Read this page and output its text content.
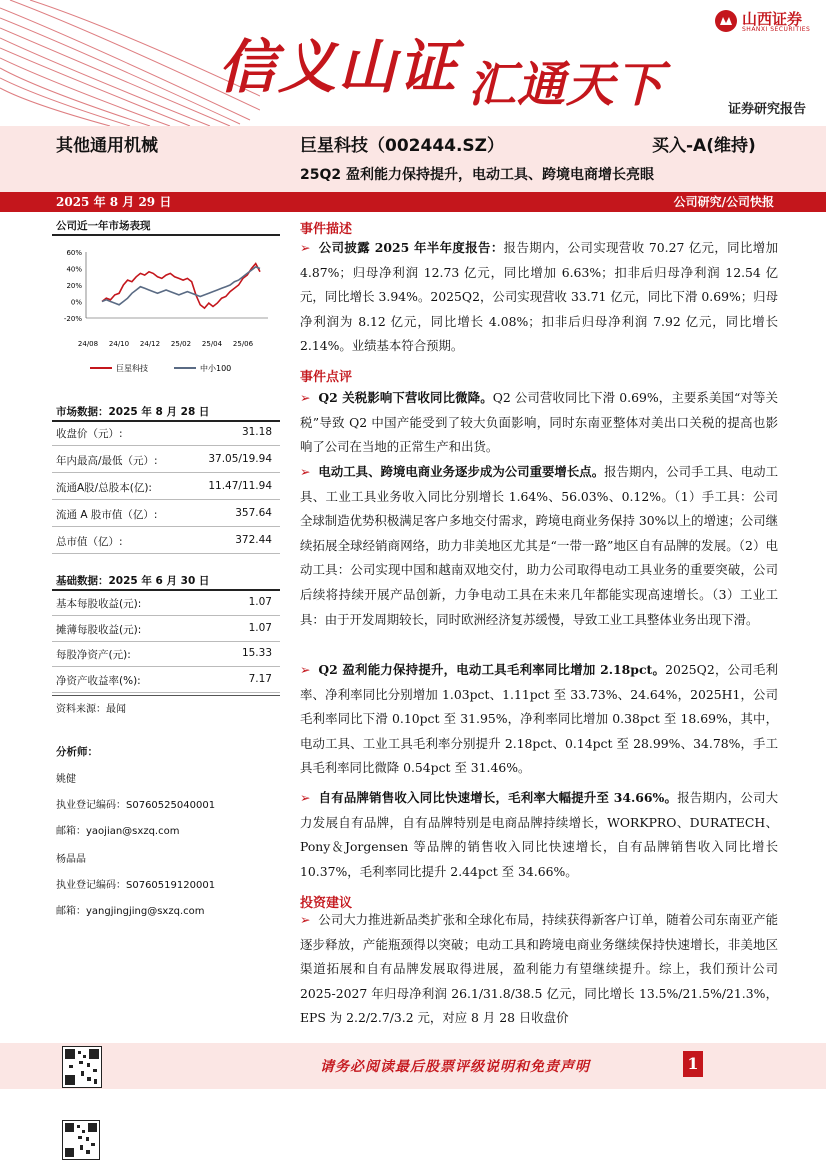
信义山证 汇通天下
山西证券
SHANXI SECURITIES
证券研究报告
其他通用机械	巨星科技（002444.SZ）	买入-A(维持)
25Q2 盈利能力保持提升，电动工具、跨境电商增长亮眼
2025 年 8 月 29 日	公司研究/公司快报
公司近一年市场表现
60%
40%
20%
0%
-20%
24/08 24/10 24/12 25/02 25/04 25/06
巨星科技	中小100
市场数据：2025 年 8 月 28 日
收盘价（元）:	31.18
年内最高/最低（元）:	37.05/19.94
流通A股/总股本(亿):	11.47/11.94
流通 A 股市值（亿）:	357.64
总市值（亿）:	372.44
基础数据：2025 年 6 月 30 日
基本每股收益(元):	1.07
摊薄每股收益(元):	1.07
每股净资产(元):	15.33
净资产收益率(%):	7.17
资料来源：最闻
分析师：
姚健
执业登记编码：S0760525040001
邮箱：yaojian@sxzq.com
杨晶晶
执业登记编码：S0760519120001
邮箱：yangjingjing@sxzq.com
事件描述
➢ 公司披露 2025 年半年度报告：报告期内，公司实现营收 70.27 亿元，同比增加 4.87%；归母净利润 12.73 亿元，同比增加 6.63%；扣非后归母净利润 12.54 亿元，同比增长 3.94%。2025Q2，公司实现营收 33.71 亿元，同比下滑 0.69%；归母净利润为 8.12 亿元，同比增长 4.08%；扣非后归母净利润 7.92 亿元，同比增长 2.14%。业绩基本符合预期。
事件点评
➢ Q2 关税影响下营收同比微降。Q2 公司营收同比下滑 0.69%，主要系美国“对等关税”导致 Q2 中国产能受到了较大负面影响，同时东南亚整体对美出口关税的提高也影响了公司在当地的正常生产和出货。
➢ 电动工具、跨境电商业务逐步成为公司重要增长点。报告期内，公司手工具、电动工具、工业工具业务收入同比分别增长 1.64%、56.03%、0.12%。（1）手工具：公司全球制造优势积极满足客户多地交付需求，跨境电商业务保持 30%以上的增速；公司继续拓展全球经销商网络，助力非美地区尤其是“一带一路”地区自有品牌的发展。（2）电动工具：公司实现中国和越南双地交付，助力公司取得电动工具业务的重要突破，公司后续将持续开展产品创新，力争电动工具在未来几年都能实现高速增长。（3）工业工具：由于开发周期较长，同时欧洲经济复苏缓慢，导致工业工具整体业务出现下滑。
➢ Q2 盈利能力保持提升，电动工具毛利率同比增加 2.18pct。2025Q2，公司毛利率、净利率同比分别增加 1.03pct、1.11pct 至 33.73%、24.64%，2025H1，公司毛利率同比下滑 0.10pct 至 31.95%，净利率同比增加 0.38pct 至 18.69%，其中，电动工具、工业工具毛利率分别提升 2.18pct、0.14pct 至 28.99%、34.78%，手工具毛利率同比微降 0.54pct 至 31.46%。
➢ 自有品牌销售收入同比快速增长，毛利率大幅提升至 34.66%。报告期内，公司大力发展自有品牌，自有品牌特别是电商品牌持续增长，WORKPRO、DURATECH、Pony＆Jorgensen 等品牌的销售收入同比快速增长，自有品牌销售收入同比增长 10.37%，毛利率同比提升 2.44pct 至 34.66%。
投资建议
➢ 公司大力推进新品类扩张和全球化布局，持续获得新客户订单，随着公司东南亚产能逐步释放，产能瓶颈得以突破；电动工具和跨境电商业务继续保持快速增长，非美地区渠道拓展和自有品牌发展取得进展，盈利能力有望继续提升。综上，我们预计公司 2025-2027 年归母净利润 26.1/31.8/38.5 亿元，同比增长 13.5%/21.5%/21.3%，EPS 为 2.2/2.7/3.2 元，对应 8 月 28 日收盘价
请务必阅读最后股票评级说明和免责声明	1
